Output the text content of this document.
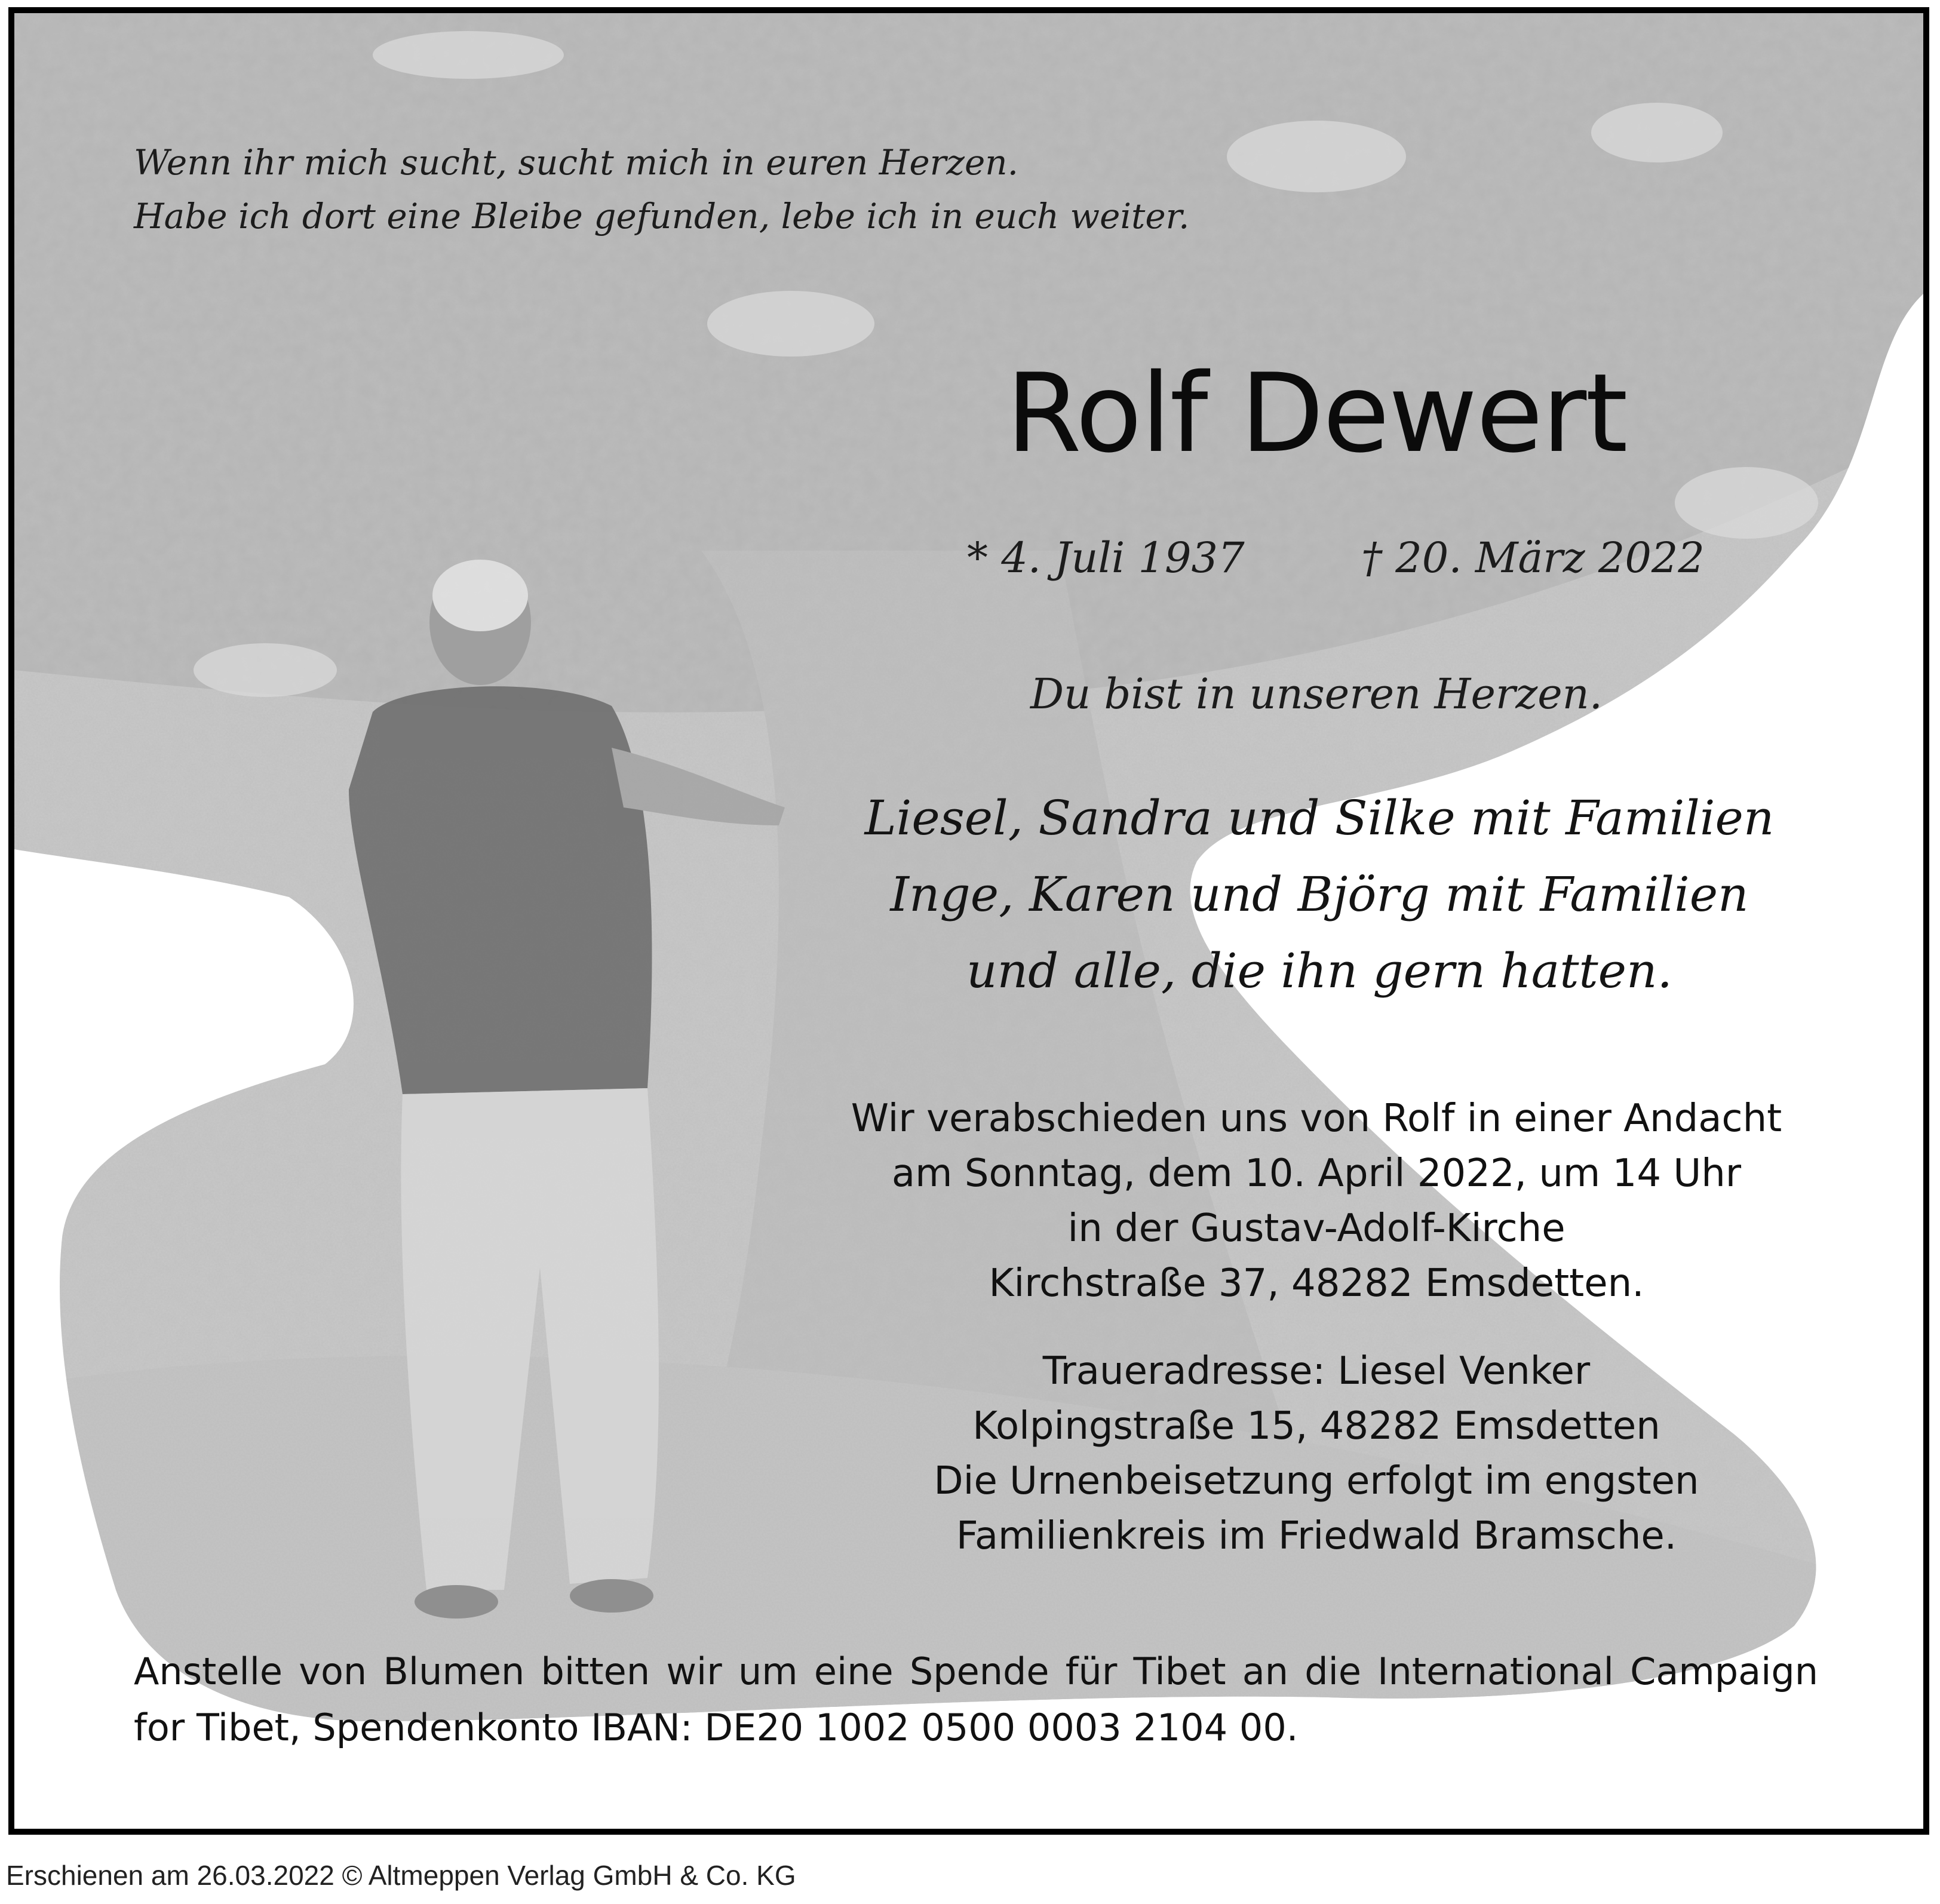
Wenn ihr mich sucht, sucht mich in euren Herzen.
Habe ich dort eine Bleibe gefunden, lebe ich in euch weiter.

Rolf Dewert

* 4. Juli 1937	† 20. März 2022

Du bist in unseren Herzen.

Liesel, Sandra und Silke mit Familien
Inge, Karen und Björg mit Familien
und alle, die ihn gern hatten.

Wir verabschieden uns von Rolf in einer Andacht
am Sonntag, dem 10. April 2022, um 14 Uhr
in der Gustav-Adolf-Kirche
Kirchstraße 37, 48282 Emsdetten.

Traueradresse: Liesel Venker
Kolpingstraße 15, 48282 Emsdetten
Die Urnenbeisetzung erfolgt im engsten
Familienkreis im Friedwald Bramsche.

Anstelle von Blumen bitten wir um eine Spende für Tibet an die International Campaign for Tibet, Spendenkonto IBAN: DE20 1002 0500 0003 2104 00.

Erschienen am 26.03.2022 © Altmeppen Verlag GmbH & Co. KG
